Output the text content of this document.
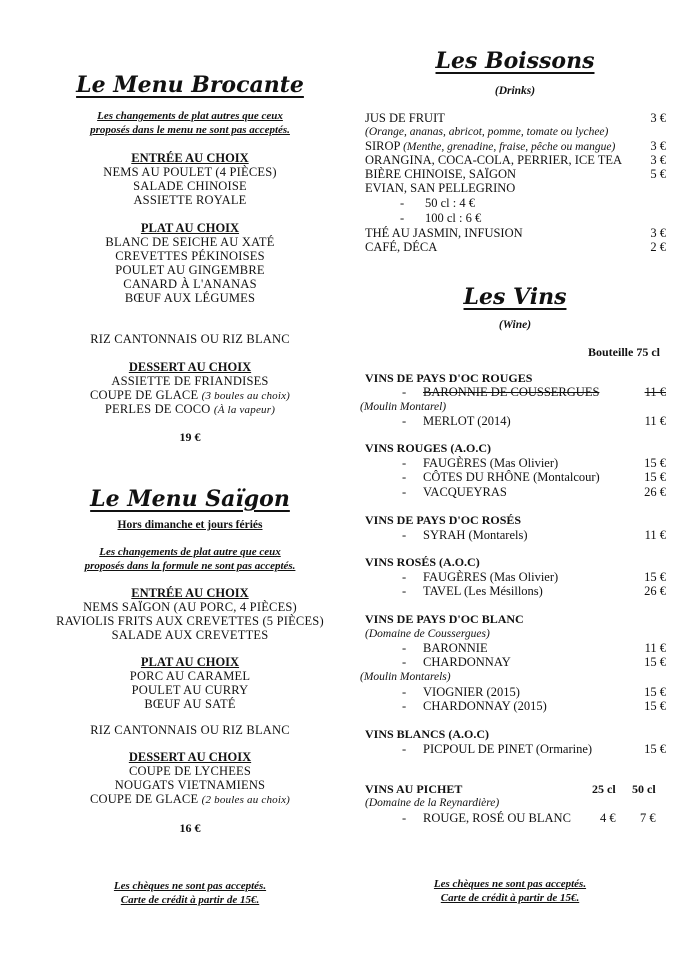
Le Menu Brocante
Les changements de plat autres que ceux
proposés dans le menu ne sont pas acceptés.
ENTRÉE AU CHOIX
NEMS AU POULET (4 PIÈCES)
SALADE CHINOISE
ASSIETTE ROYALE
PLAT AU CHOIX
BLANC DE SEICHE AU XATÉ
CREVETTES PÉKINOISES
POULET AU GINGEMBRE
CANARD À L'ANANAS
BŒUF AUX LÉGUMES
RIZ CANTONNAIS OU RIZ BLANC
DESSERT AU CHOIX
ASSIETTE DE FRIANDISES
COUPE DE GLACE (3 boules au choix)
PERLES DE COCO (À la vapeur)
19 €
Le Menu Saïgon
Hors dimanche et jours fériés
Les changements de plat autre que ceux
proposés dans la formule ne sont pas acceptés.
ENTRÉE AU CHOIX
NEMS SAÏGON (AU PORC, 4 PIÈCES)
RAVIOLIS FRITS AUX CREVETTES (5 PIÈCES)
SALADE AUX CREVETTES
PLAT AU CHOIX
PORC AU CARAMEL
POULET AU CURRY
BŒUF AU SATÉ
RIZ CANTONNAIS OU RIZ BLANC
DESSERT AU CHOIX
COUPE DE LYCHEES
NOUGATS VIETNAMIENS
COUPE DE GLACE (2 boules au choix)
16 €
Les chèques ne sont pas acceptés.
Carte de crédit à partir de 15€.
Les Boissons
(Drinks)
JUS DE FRUIT	3 €
(Orange, ananas, abricot, pomme, tomate ou lychee)
SIROP (Menthe, grenadine, fraise, pêche ou mangue)	3 €
ORANGINA, COCA-COLA, PERRIER, ICE TEA 3 €
BIÈRE CHINOISE, SAÏGON	5 €
EVIAN, SAN PELLEGRINO
- 50 cl : 4 €
- 100 cl : 6 €
THÉ AU JASMIN, INFUSION	3 €
CAFÉ, DÉCA	2 €
Les Vins
(Wine)
Bouteille 75 cl
VINS DE PAYS D'OC ROUGES
- BARONNIE DE COUSSERGUES	11 €
(Moulin Montarel)
- MERLOT (2014)	11 €
VINS ROUGES (A.O.C)
- FAUGÈRES (Mas Olivier)	15 €
- CÔTES DU RHÔNE (Montalcour)	15 €
- VACQUEYRAS	26 €
VINS DE PAYS D'OC ROSÉS
- SYRAH (Montarels)	11 €
VINS ROSÉS (A.O.C)
- FAUGÈRES (Mas Olivier)	15 €
- TAVEL (Les Mésillons)	26 €
VINS DE PAYS D'OC BLANC
(Domaine de Coussergues)
- BARONNIE	11 €
- CHARDONNAY	15 €
(Moulin Montarels)
- VIOGNIER (2015)	15 €
- CHARDONNAY (2015)	15 €
VINS BLANCS (A.O.C)
- PICPOUL DE PINET (Ormarine)	15 €
VINS AU PICHET	25 cl 50 cl
(Domaine de la Reynardière)
- ROUGE, ROSÉ OU BLANC 4 € 7 €
Les chèques ne sont pas acceptés.
Carte de crédit à partir de 15€.
